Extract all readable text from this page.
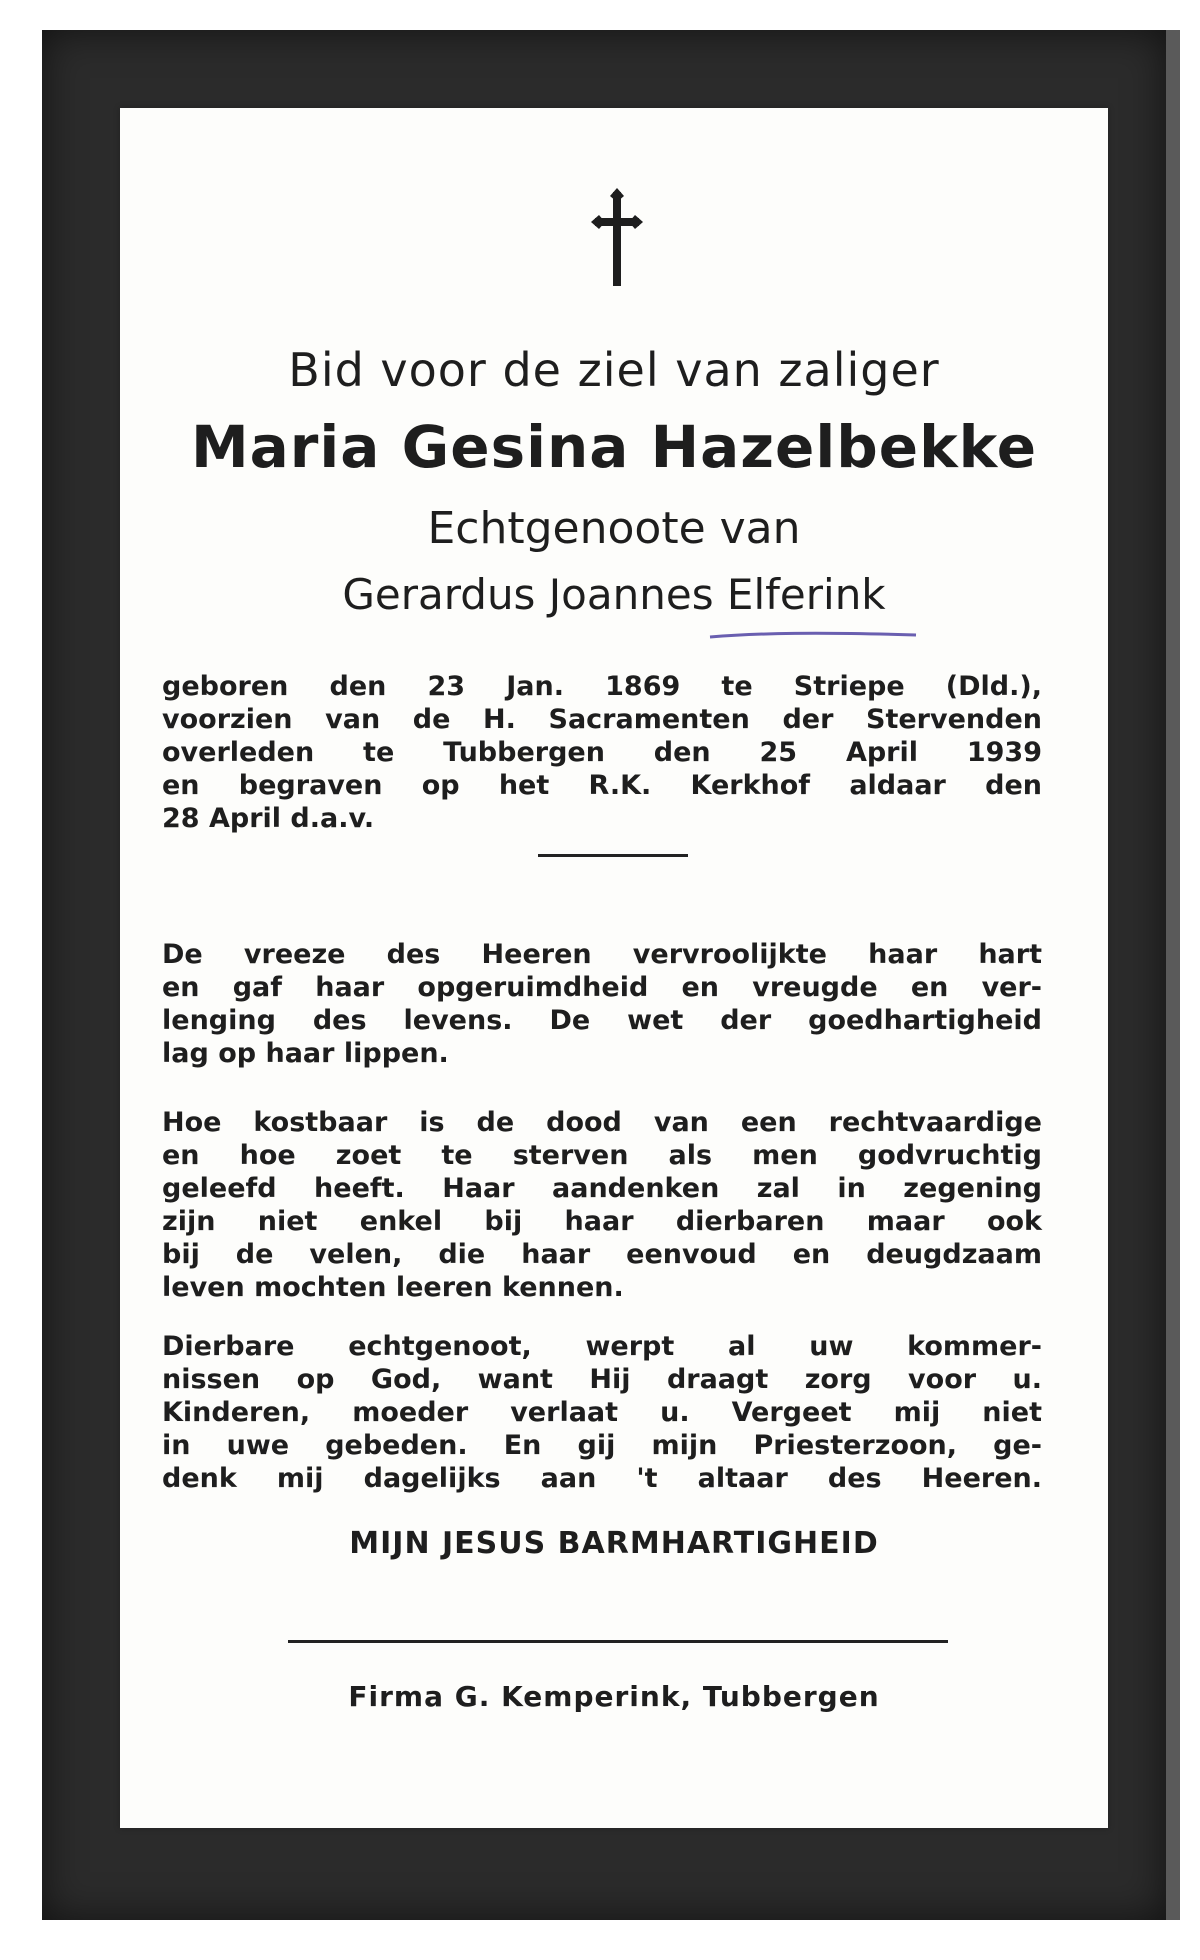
Bid voor de ziel van zaliger
Maria Gesina Hazelbekke
Echtgenoote van
Gerardus Joannes Elferink
geboren den 23 Jan. 1869 te Striepe (Dld.),
voorzien van de H. Sacramenten der Stervenden
overleden te Tubbergen den 25 April 1939
en begraven op het R.K. Kerkhof aldaar den
28 April d.a.v.
De vreeze des Heeren vervroolijkte haar hart
en gaf haar opgeruimdheid en vreugde en ver-
lenging des levens. De wet der goedhartigheid
lag op haar lippen.
Hoe kostbaar is de dood van een rechtvaardige
en hoe zoet te sterven als men godvruchtig
geleefd heeft. Haar aandenken zal in zegening
zijn niet enkel bij haar dierbaren maar ook
bij de velen, die haar eenvoud en deugdzaam
leven mochten leeren kennen.
Dierbare echtgenoot, werpt al uw kommer-
nissen op God, want Hij draagt zorg voor u.
Kinderen, moeder verlaat u. Vergeet mij niet
in uwe gebeden. En gij mijn Priesterzoon, ge-
denk mij dagelijks aan 't altaar des Heeren.
MIJN JESUS BARMHARTIGHEID
Firma G. Kemperink, Tubbergen
